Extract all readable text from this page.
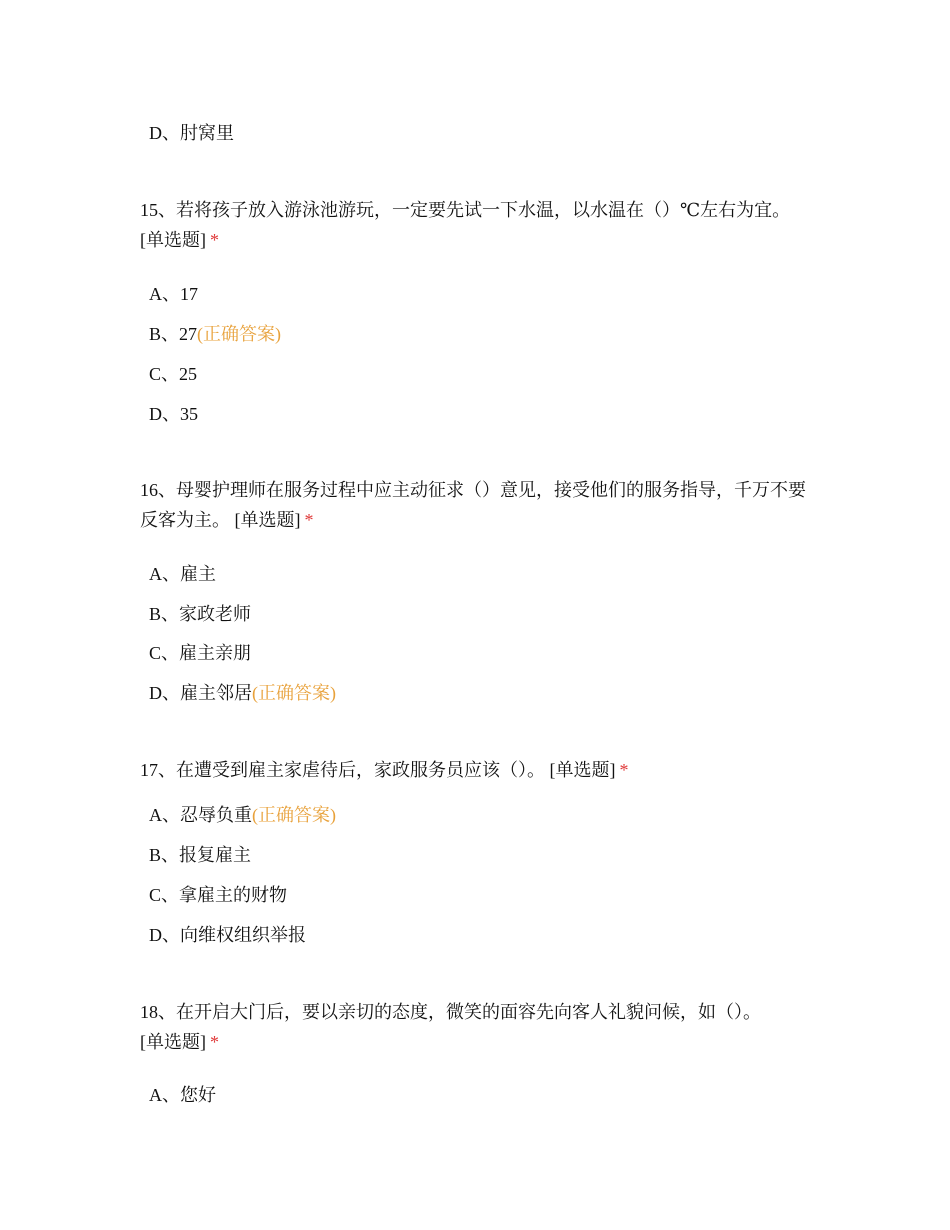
D、肘窝里

15、若将孩子放入游泳池游玩，一定要先试一下水温，以水温在（）℃左右为宜。
[单选题] *

A、17
B、27(正确答案)
C、25
D、35

16、母婴护理师在服务过程中应主动征求（）意见，接受他们的服务指导，千万不要反客为主。 [单选题] *

A、雇主
B、家政老师
C、雇主亲朋
D、雇主邻居(正确答案)

17、在遭受到雇主家虐待后，家政服务员应该（）。 [单选题] *

A、忍辱负重(正确答案)
B、报复雇主
C、拿雇主的财物
D、向维权组织举报

18、在开启大门后，要以亲切的态度，微笑的面容先向客人礼貌问候，如（）。
[单选题] *

A、您好
